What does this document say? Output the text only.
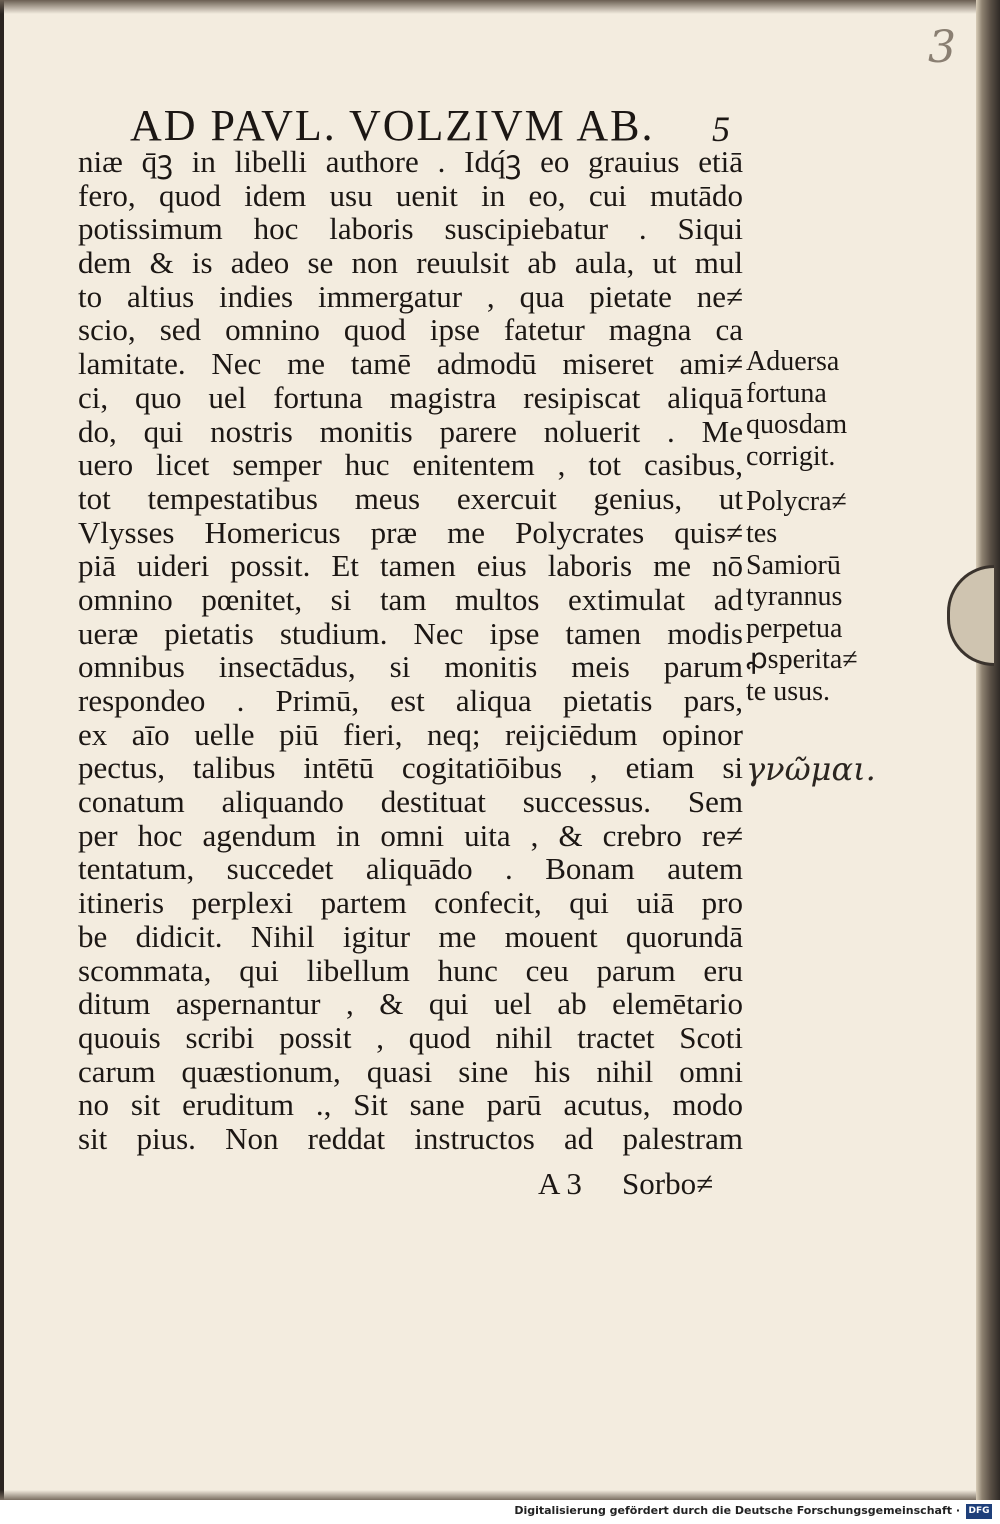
3
AD PAVL. VOLZIVM AB. 5
niæ q̄ꝫ in libelli authore . Idq́ꝫ eo grauius etiā
fero, quod idem usu uenit in eo, cui mutādo
potissimum hoc laboris suscipiebatur . Siqui
dem & is adeo se non reuulsit ab aula, ut mul
to altius indies immergatur , qua pietate ne≠
scio, sed omnino quod ipse fatetur magna ca
lamitate. Nec me tamē admodū miseret ami≠
ci, quo uel fortuna magistra resipiscat aliquā
do, qui nostris monitis parere noluerit . Me
uero licet semper huc enitentem , tot casibus,
tot tempestatibus meus exercuit genius, ut
Vlysses Homericus præ me Polycrates quis≠
piā uideri possit. Et tamen eius laboris me nō
omnino pœnitet, si tam multos extimulat ad
ueræ pietatis studium. Nec ipse tamen modis
omnibus insectādus, si monitis meis parum
respondeo . Primū, est aliqua pietatis pars,
ex aīo uelle piū fieri, neq; reijciēdum opinor
pectus, talibus intētū cogitatiōibus , etiam si
conatum aliquando destituat successus. Sem
per hoc agendum in omni uita , & crebro re≠
tentatum, succedet aliquādo . Bonam autem
itineris perplexi partem confecit, qui uiā pro
be didicit. Nihil igitur me mouent quorundā
scommata, qui libellum hunc ceu parum eru
ditum aspernantur , & qui uel ab elemētario
quouis scribi possit , quod nihil tractet Scoti
carum quæstionum, quasi sine his nihil omni
no sit eruditum ., Sit sane parū acutus, modo
sit pius. Non reddat instructos ad palestram
A 3 Sorbo≠
Aduersa
fortuna
quosdam
corrigit.
Polycra≠
tes
Samiorū
tyrannus
perpetua
ꝓsperita≠
te usus.
γνῶμαι.
Digitalisierung gefördert durch die Deutsche Forschungsgemeinschaft · DFG
